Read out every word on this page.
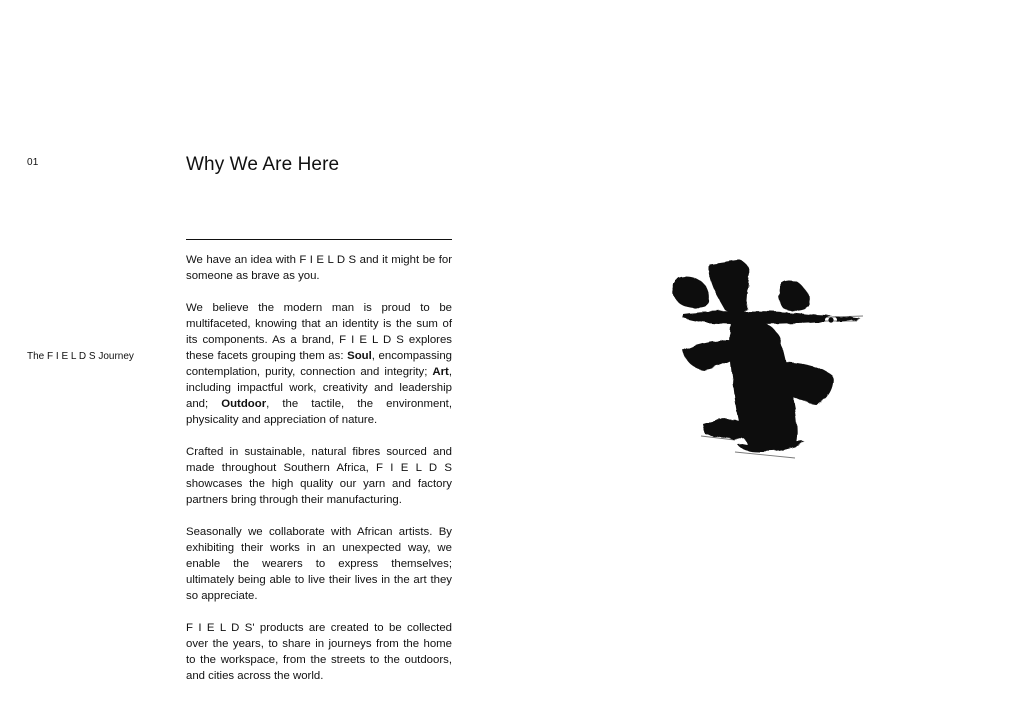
01
The F I E L D S Journey
Why We Are Here

We have an idea with F I E L D S and it might be for someone as brave as you.

We believe the modern man is proud to be multifaceted, knowing that an identity is the sum of its components. As a brand, F I E L D S explores these facets grouping them as: Soul, encompassing contemplation, purity, connection and integrity; Art, including impactful work, creativity and leadership and; Outdoor, the tactile, the environment, physicality and appreciation of nature.

Crafted in sustainable, natural fibres sourced and made throughout Southern Africa, F I E L D S showcases the high quality our yarn and factory partners bring through their manufacturing.

Seasonally we collaborate with African artists. By exhibiting their works in an unexpected way, we enable the wearers to express themselves; ultimately being able to live their lives in the art they so appreciate.

F I E L D S' products are created to be collected over the years, to share in journeys from the home to the workspace, from the streets to the outdoors, and cities across the world.
